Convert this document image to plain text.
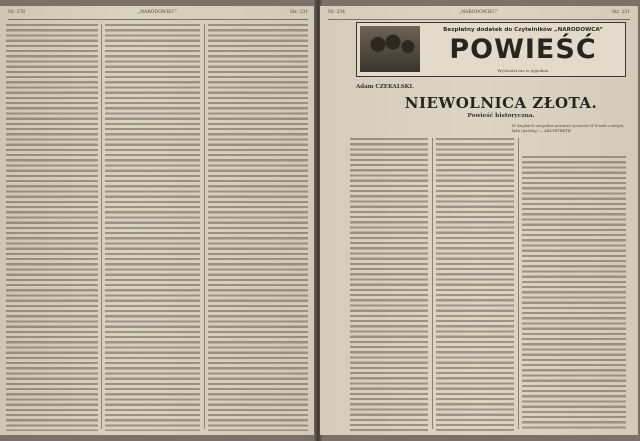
Nr. 278	„NARODOWIEC”	Str. 231	Nr. 234	„NARODOWIEC”	Str. 231
Bezpłatny dodatek do Czytelników „NARODOWCA”
POWIEŚĆ
Wychodzi raz w tygodniu
Adam CZEKALSKI.
NIEWOLNICA ZŁOTA.
Powieść historyczna.
W Angliach wszystkie powieści przeszłe W krzaki cudzym, łąka (pańsky) — ARCHITEKTE
